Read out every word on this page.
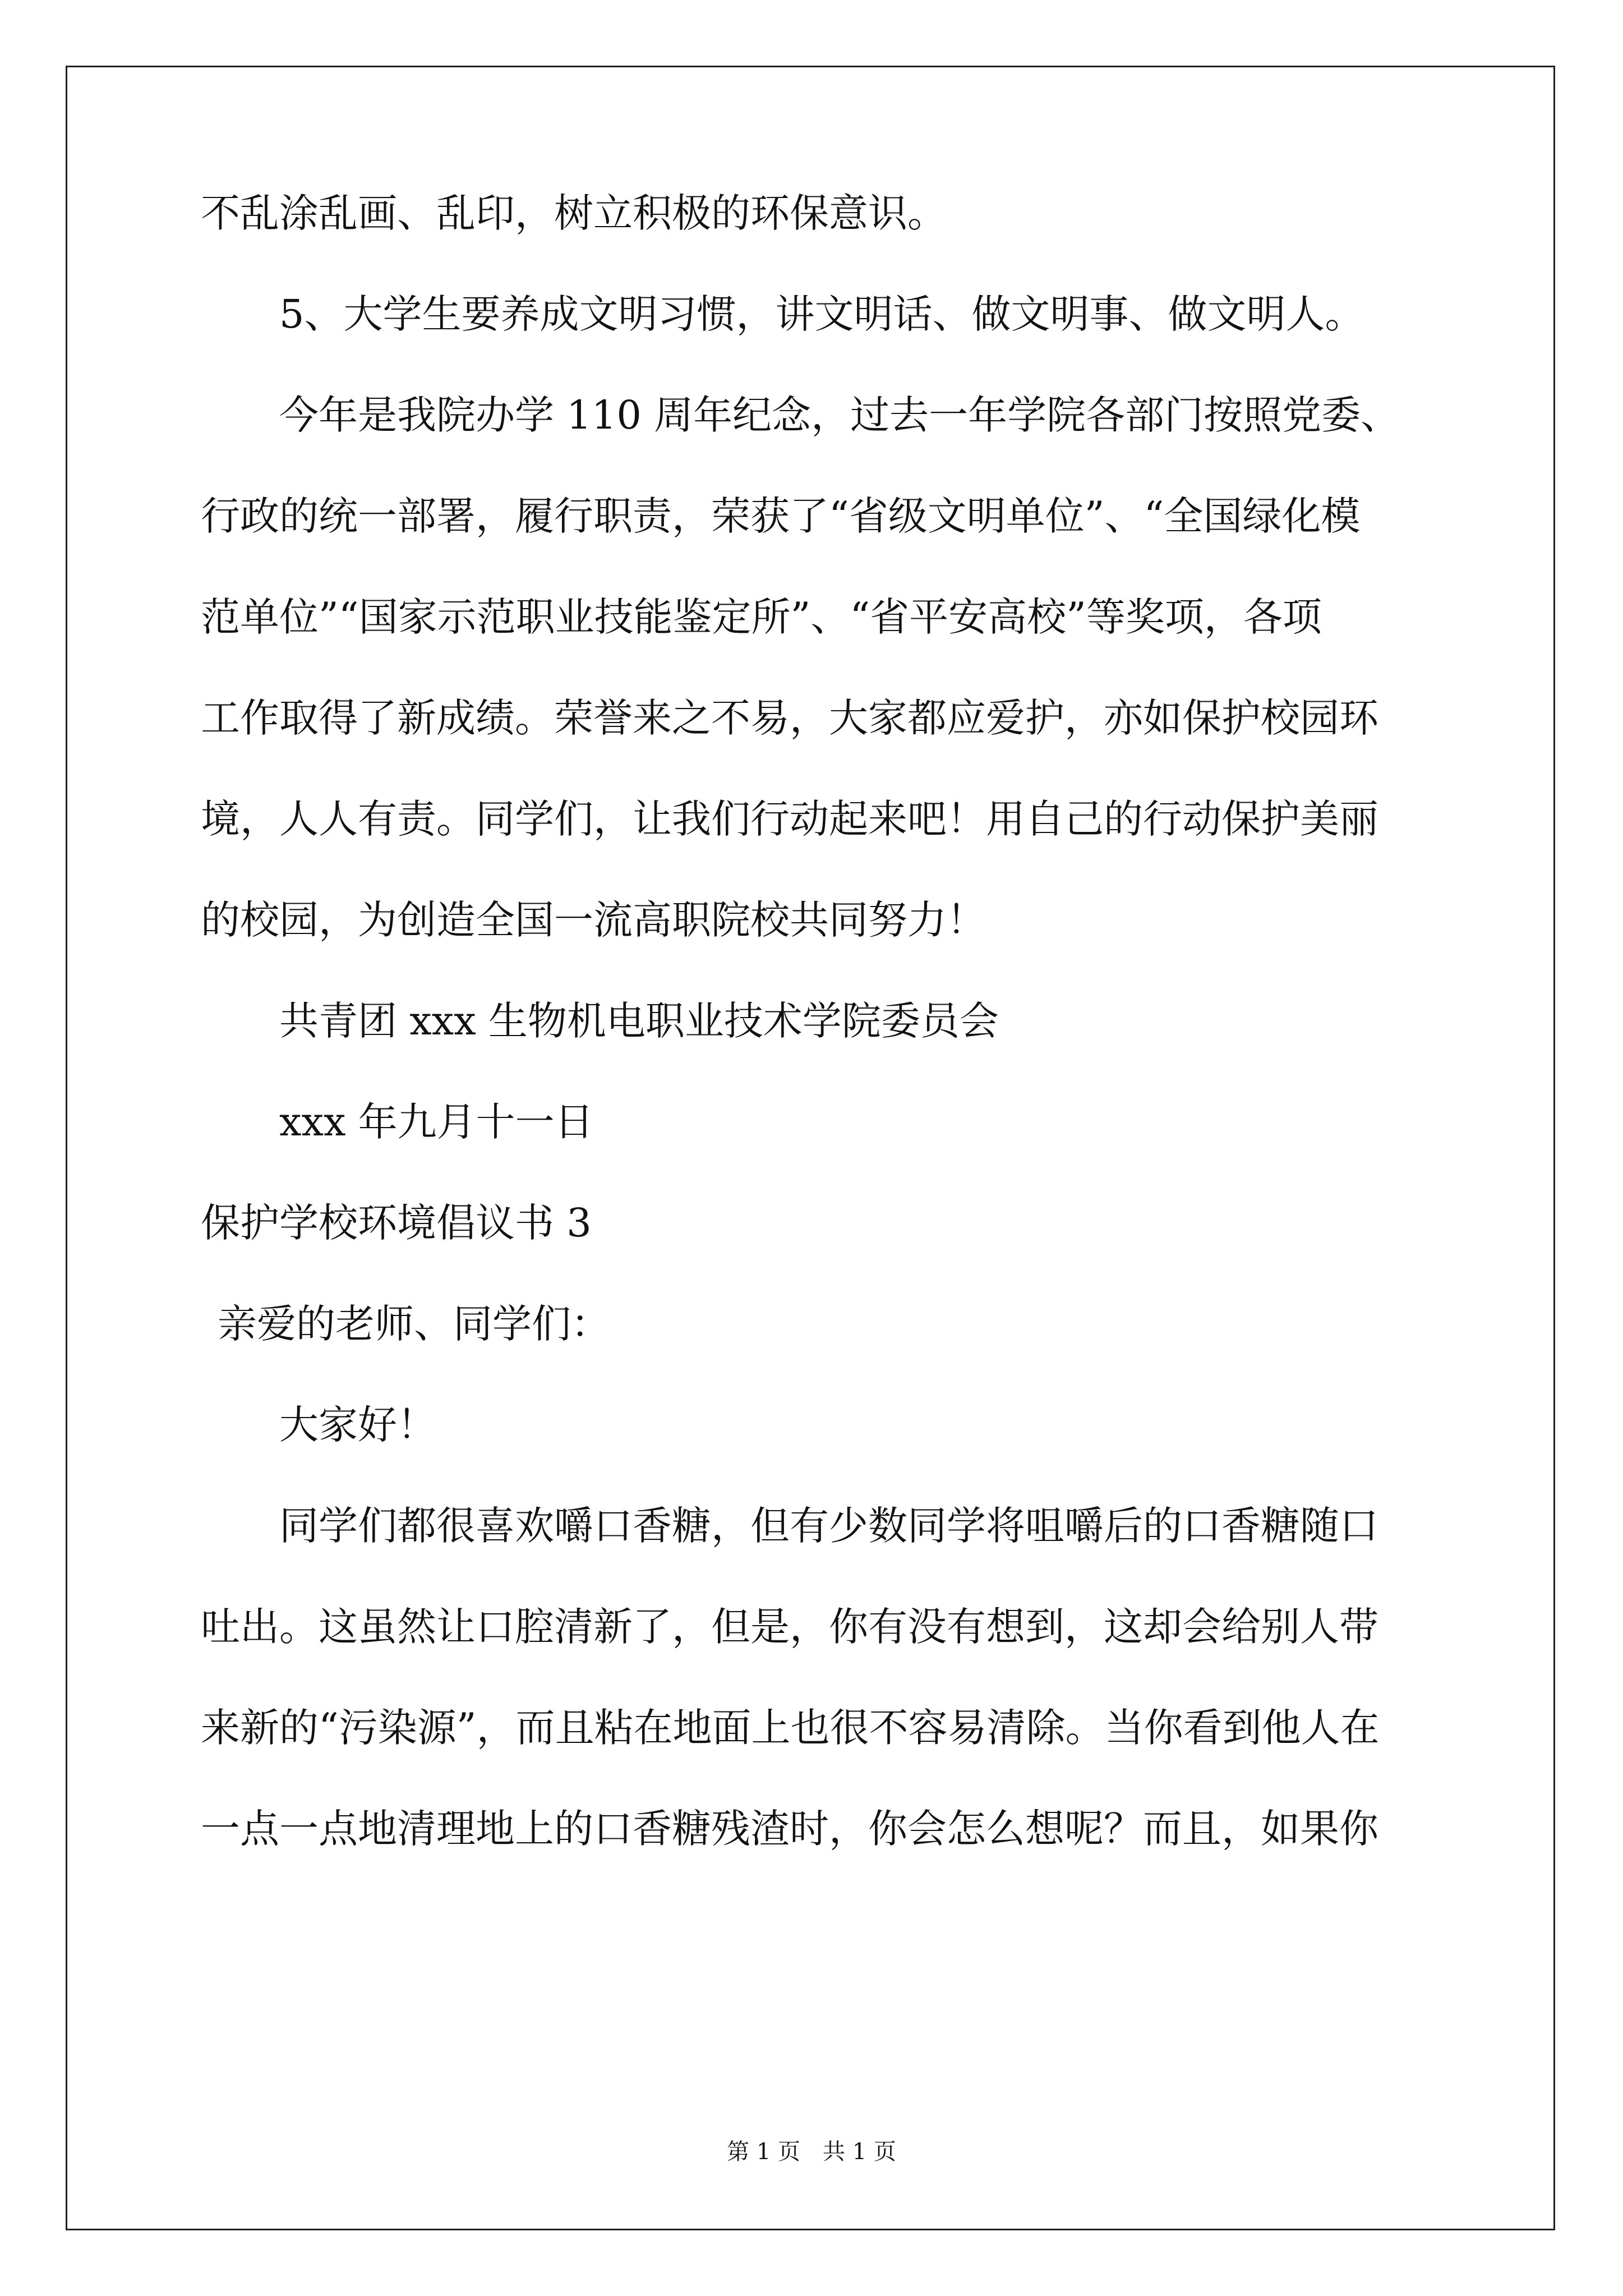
不乱涂乱画、乱印，树立积极的环保意识。
5、大学生要养成文明习惯，讲文明话、做文明事、做文明人。
今年是我院办学 110 周年纪念，过去一年学院各部门按照党委、
行政的统一部署，履行职责，荣获了“省级文明单位”、“全国绿化模
范单位”“国家示范职业技能鉴定所”、“省平安高校”等奖项，各项
工作取得了新成绩。荣誉来之不易，大家都应爱护，亦如保护校园环
境，人人有责。同学们，让我们行动起来吧！用自己的行动保护美丽
的校园，为创造全国一流高职院校共同努力！
共青团 xxx 生物机电职业技术学院委员会
xxx 年九月十一日
保护学校环境倡议书 3
亲爱的老师、同学们：
大家好！
同学们都很喜欢嚼口香糖，但有少数同学将咀嚼后的口香糖随口
吐出。这虽然让口腔清新了，但是，你有没有想到，这却会给别人带
来新的“污染源”，而且粘在地面上也很不容易清除。当你看到他人在
一点一点地清理地上的口香糖残渣时，你会怎么想呢？而且，如果你
第 1 页　共 1 页
